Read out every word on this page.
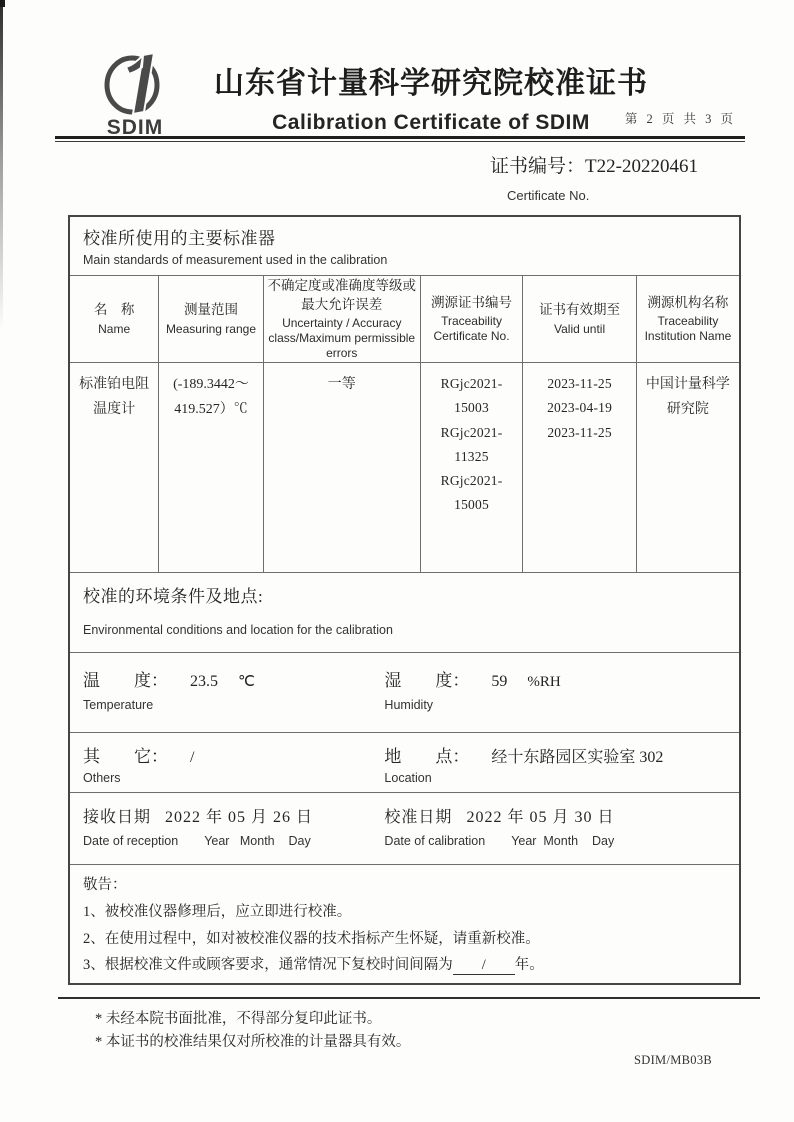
SDIM
山东省计量科学研究院校准证书
Calibration Certificate of SDIM	第 2 页 共 3 页
证书编号：T22-20220461
Certificate No.
校准所使用的主要标准器
Main standards of measurement used in the calibration
名　称
Name
测量范围
Measuring range
不确定度或准确度等级或最大允许误差
Uncertainty / Accuracy class/Maximum permissible errors
溯源证书编号
Traceability Certificate No.
证书有效期至
Valid until
溯源机构名称
Traceability Institution Name
标准铂电阻温度计
(-189.3442～
419.527）℃
一等	RGjc2021-15003
RGjc2021-11325
RGjc2021-15005
2023-11-25
2023-04-19
2023-11-25
中国计量科学
研究院
校准的环境条件及地点:
Environmental conditions and location for the calibration
温　　度： 23.5 ℃
Temperature
湿　　度： 59 %RH
Humidity
其　　它： /
Others
地　　点： 经十东路园区实验室 302
Location
接收日期 2022 年 05 月 26 日
Date of reception Year   Month    Day
校准日期 2022 年 05 月 30 日
Date of calibration Year  Month    Day
敬告：
1、被校准仪器修理后，应立即进行校准。
2、在使用过程中，如对被校准仪器的技术指标产生怀疑，请重新校准。
3、根据校准文件或顾客要求，通常情况下复校时间间隔为 / 年。
* 未经本院书面批准，不得部分复印此证书。
* 本证书的校准结果仅对所校准的计量器具有效。
SDIM/MB03B
